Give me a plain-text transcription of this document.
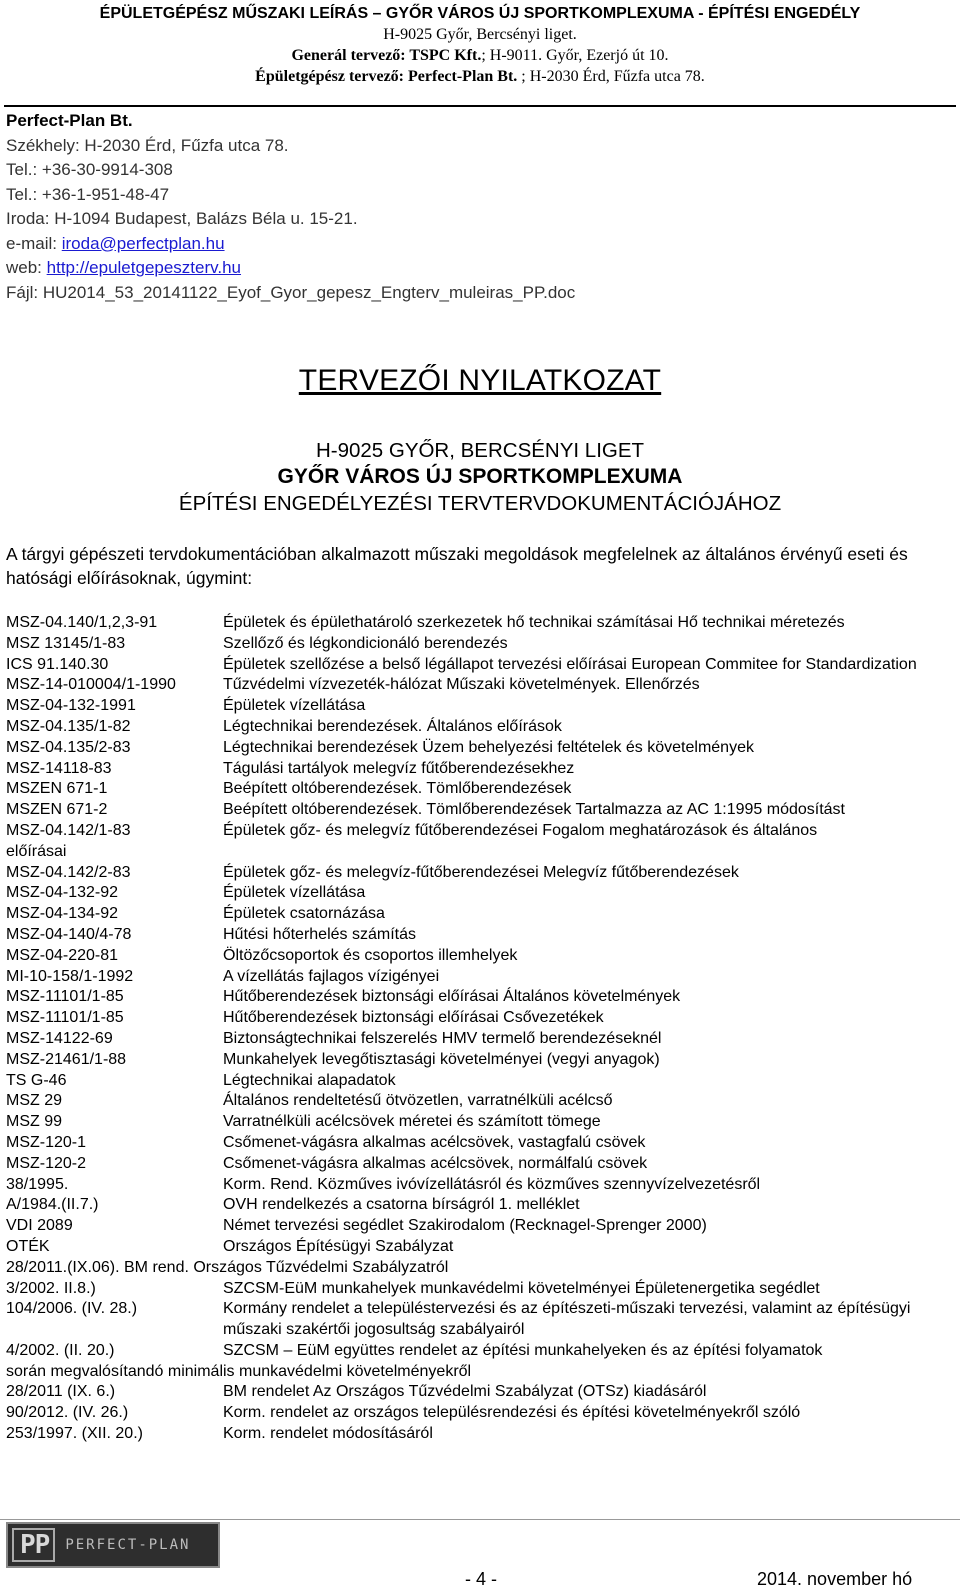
ÉPÜLETGÉPÉSZ MŰSZAKI LEÍRÁS – GYŐR VÁROS ÚJ SPORTKOMPLEXUMA - ÉPÍTÉSI ENGEDÉLY
H-9025 Győr, Bercsényi liget.
Generál tervező: TSPC Kft.; H-9011. Győr, Ezerjó út 10.
Épületgépész tervező: Perfect-Plan Bt. ; H-2030 Érd, Fűzfa utca 78.
Perfect-Plan Bt.
Székhely: H-2030 Érd, Fűzfa utca 78.
Tel.: +36-30-9914-308
Tel.: +36-1-951-48-47
Iroda: H-1094 Budapest, Balázs Béla u. 15-21.
e-mail: iroda@perfectplan.hu
web: http://epuletgepeszterv.hu
Fájl: HU2014_53_20141122_Eyof_Gyor_gepesz_Engterv_muleiras_PP.doc
TERVEZŐI NYILATKOZAT
H-9025 GYŐR, BERCSÉNYI LIGET
GYŐR VÁROS ÚJ SPORTKOMPLEXUMA
ÉPÍTÉSI ENGEDÉLYEZÉSI TERVTERVDOKUMENTÁCIÓJÁHOZ
A tárgyi gépészeti tervdokumentációban alkalmazott műszaki megoldások megfelelnek az általános érvényű eseti és hatósági előírásoknak, úgymint:
MSZ-04.140/1,2,3-91	Épületek és épülethatároló szerkezetek hő technikai számításai Hő technikai méretezés
MSZ 13145/1-83	Szellőző és légkondicionáló berendezés
ICS 91.140.30	Épületek szellőzése a belső légállapot tervezési előírásai European Commitee for Standardization
MSZ-14-010004/1-1990	Tűzvédelmi vízvezeték-hálózat Műszaki követelmények. Ellenőrzés
MSZ-04-132-1991	Épületek vízellátása
MSZ-04.135/1-82	Légtechnikai berendezések. Általános előírások
MSZ-04.135/2-83	Légtechnikai berendezések Üzem behelyezési feltételek és követelmények
MSZ-14118-83	Tágulási tartályok melegvíz fűtőberendezésekhez
MSZEN 671-1	Beépített oltóberendezések. Tömlőberendezések
MSZEN 671-2	Beépített oltóberendezések. Tömlőberendezések Tartalmazza az AC 1:1995 módosítást
MSZ-04.142/1-83	Épületek gőz- és melegvíz fűtőberendezései Fogalom meghatározások és általános
előírásai
MSZ-04.142/2-83	Épületek gőz- és melegvíz-fűtőberendezései Melegvíz fűtőberendezések
MSZ-04-132-92	Épületek vízellátása
MSZ-04-134-92	Épületek csatornázása
MSZ-04-140/4-78	Hűtési hőterhelés számítás
MSZ-04-220-81	Öltözőcsoportok és csoportos illemhelyek
MI-10-158/1-1992	A vízellátás fajlagos vízigényei
MSZ-11101/1-85	Hűtőberendezések biztonsági előírásai Általános követelmények
MSZ-11101/1-85	Hűtőberendezések biztonsági előírásai Csővezetékek
MSZ-14122-69	Biztonságtechnikai felszerelés HMV termelő berendezéseknél
MSZ-21461/1-88	Munkahelyek levegőtisztasági követelményei (vegyi anyagok)
TS G-46	Légtechnikai alapadatok
MSZ 29	Általános rendeltetésű ötvözetlen, varratnélküli acélcső
MSZ 99	Varratnélküli acélcsövek méretei és számított tömege
MSZ-120-1	Csőmenet-vágásra alkalmas acélcsövek, vastagfalú csövek
MSZ-120-2	Csőmenet-vágásra alkalmas acélcsövek, normálfalú csövek
38/1995.	Korm. Rend. Közműves ivóvízellátásról és közműves szennyvízelvezetésről
A/1984.(II.7.)	OVH rendelkezés a csatorna bírságról 1. melléklet
VDI 2089	Német tervezési segédlet Szakirodalom (Recknagel-Sprenger 2000)
OTÉK	Országos Építésügyi Szabályzat
28/2011.(IX.06). BM rend. Országos Tűzvédelmi Szabályzatról
3/2002. II.8.)	SZCSM-EüM munkahelyek munkavédelmi követelményei Épületenergetika segédlet
104/2006. (IV. 28.)	Kormány rendelet a településtervezési és az építészeti-műszaki tervezési, valamint az építésügyi műszaki szakértői jogosultság szabályairól
4/2002. (II. 20.)	SZCSM – EüM együttes rendelet az építési munkahelyeken és az építési folyamatok
során megvalósítandó minimális munkavédelmi követelményekről
28/2011 (IX. 6.)	BM rendelet Az Országos Tűzvédelmi Szabályzat (OTSz) kiadásáról
90/2012. (IV. 26.)	Korm. rendelet az országos településrendezési és építési követelményekről szóló
253/1997. (XII. 20.)	Korm. rendelet módosításáról
PP	PERFECT-PLAN
- 4 -	2014. november hó
